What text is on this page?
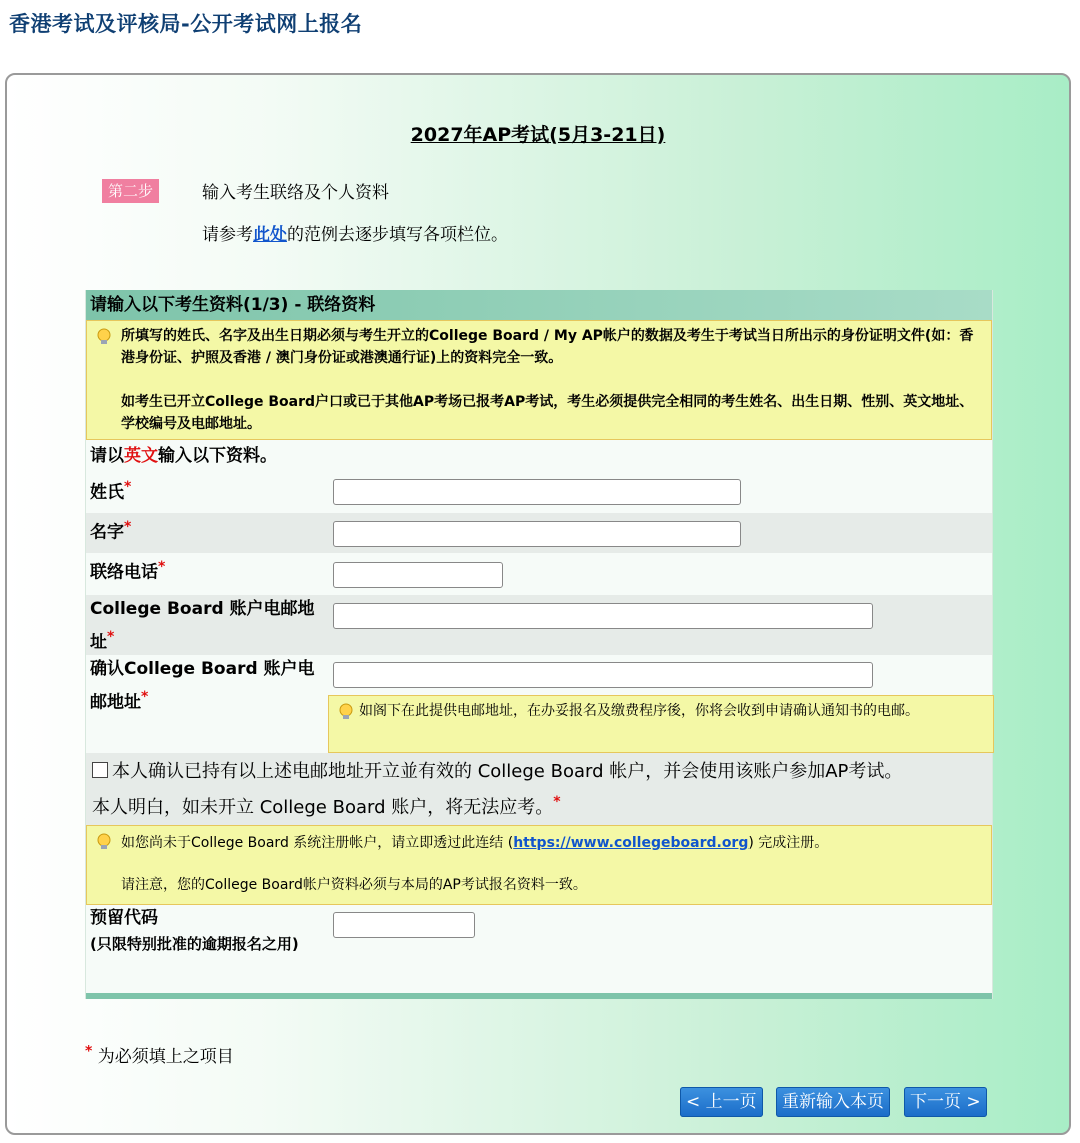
香港考试及评核局-公开考试网上报名
2027年AP考试(5月3-21日)
第二步	输入考生联络及个人资料
请参考此处的范例去逐步填写各项栏位。
请输入以下考生资料(1/3) - 联络资料

所填写的姓氏、名字及出生日期必须与考生开立的College Board / My AP帐户的数据及考生于考试当日所出示的身份证明文件(如：香港身份证、护照及香港 / 澳门身份证或港澳通行证)上的资料完全一致。

如考生已开立College Board户口或已于其他AP考场已报考AP考试，考生必须提供完全相同的考生姓名、出生日期、性别、英文地址、学校编号及电邮地址。

请以英文输入以下资料。
姓氏*
名字*
联络电话*
College Board 账户电邮地址*
确认College Board 账户电邮地址*
如阁下在此提供电邮地址，在办妥报名及缴费程序後，你将会收到申请确认通知书的电邮。
本人确认已持有以上述电邮地址开立並有效的 College Board 帐户，并会使用该账户参加AP考试。
本人明白，如未开立 College Board 账户，将无法应考。*

如您尚未于College Board 系统注册帐户，请立即透过此连结 (https://www.collegeboard.org) 完成注册。

请注意，您的College Board帐户资料必须与本局的AP考试报名资料一致。

预留代码
(只限特别批准的逾期报名之用)
* 为必须填上之项目
< 上一页	重新输入本页	下一页 >
